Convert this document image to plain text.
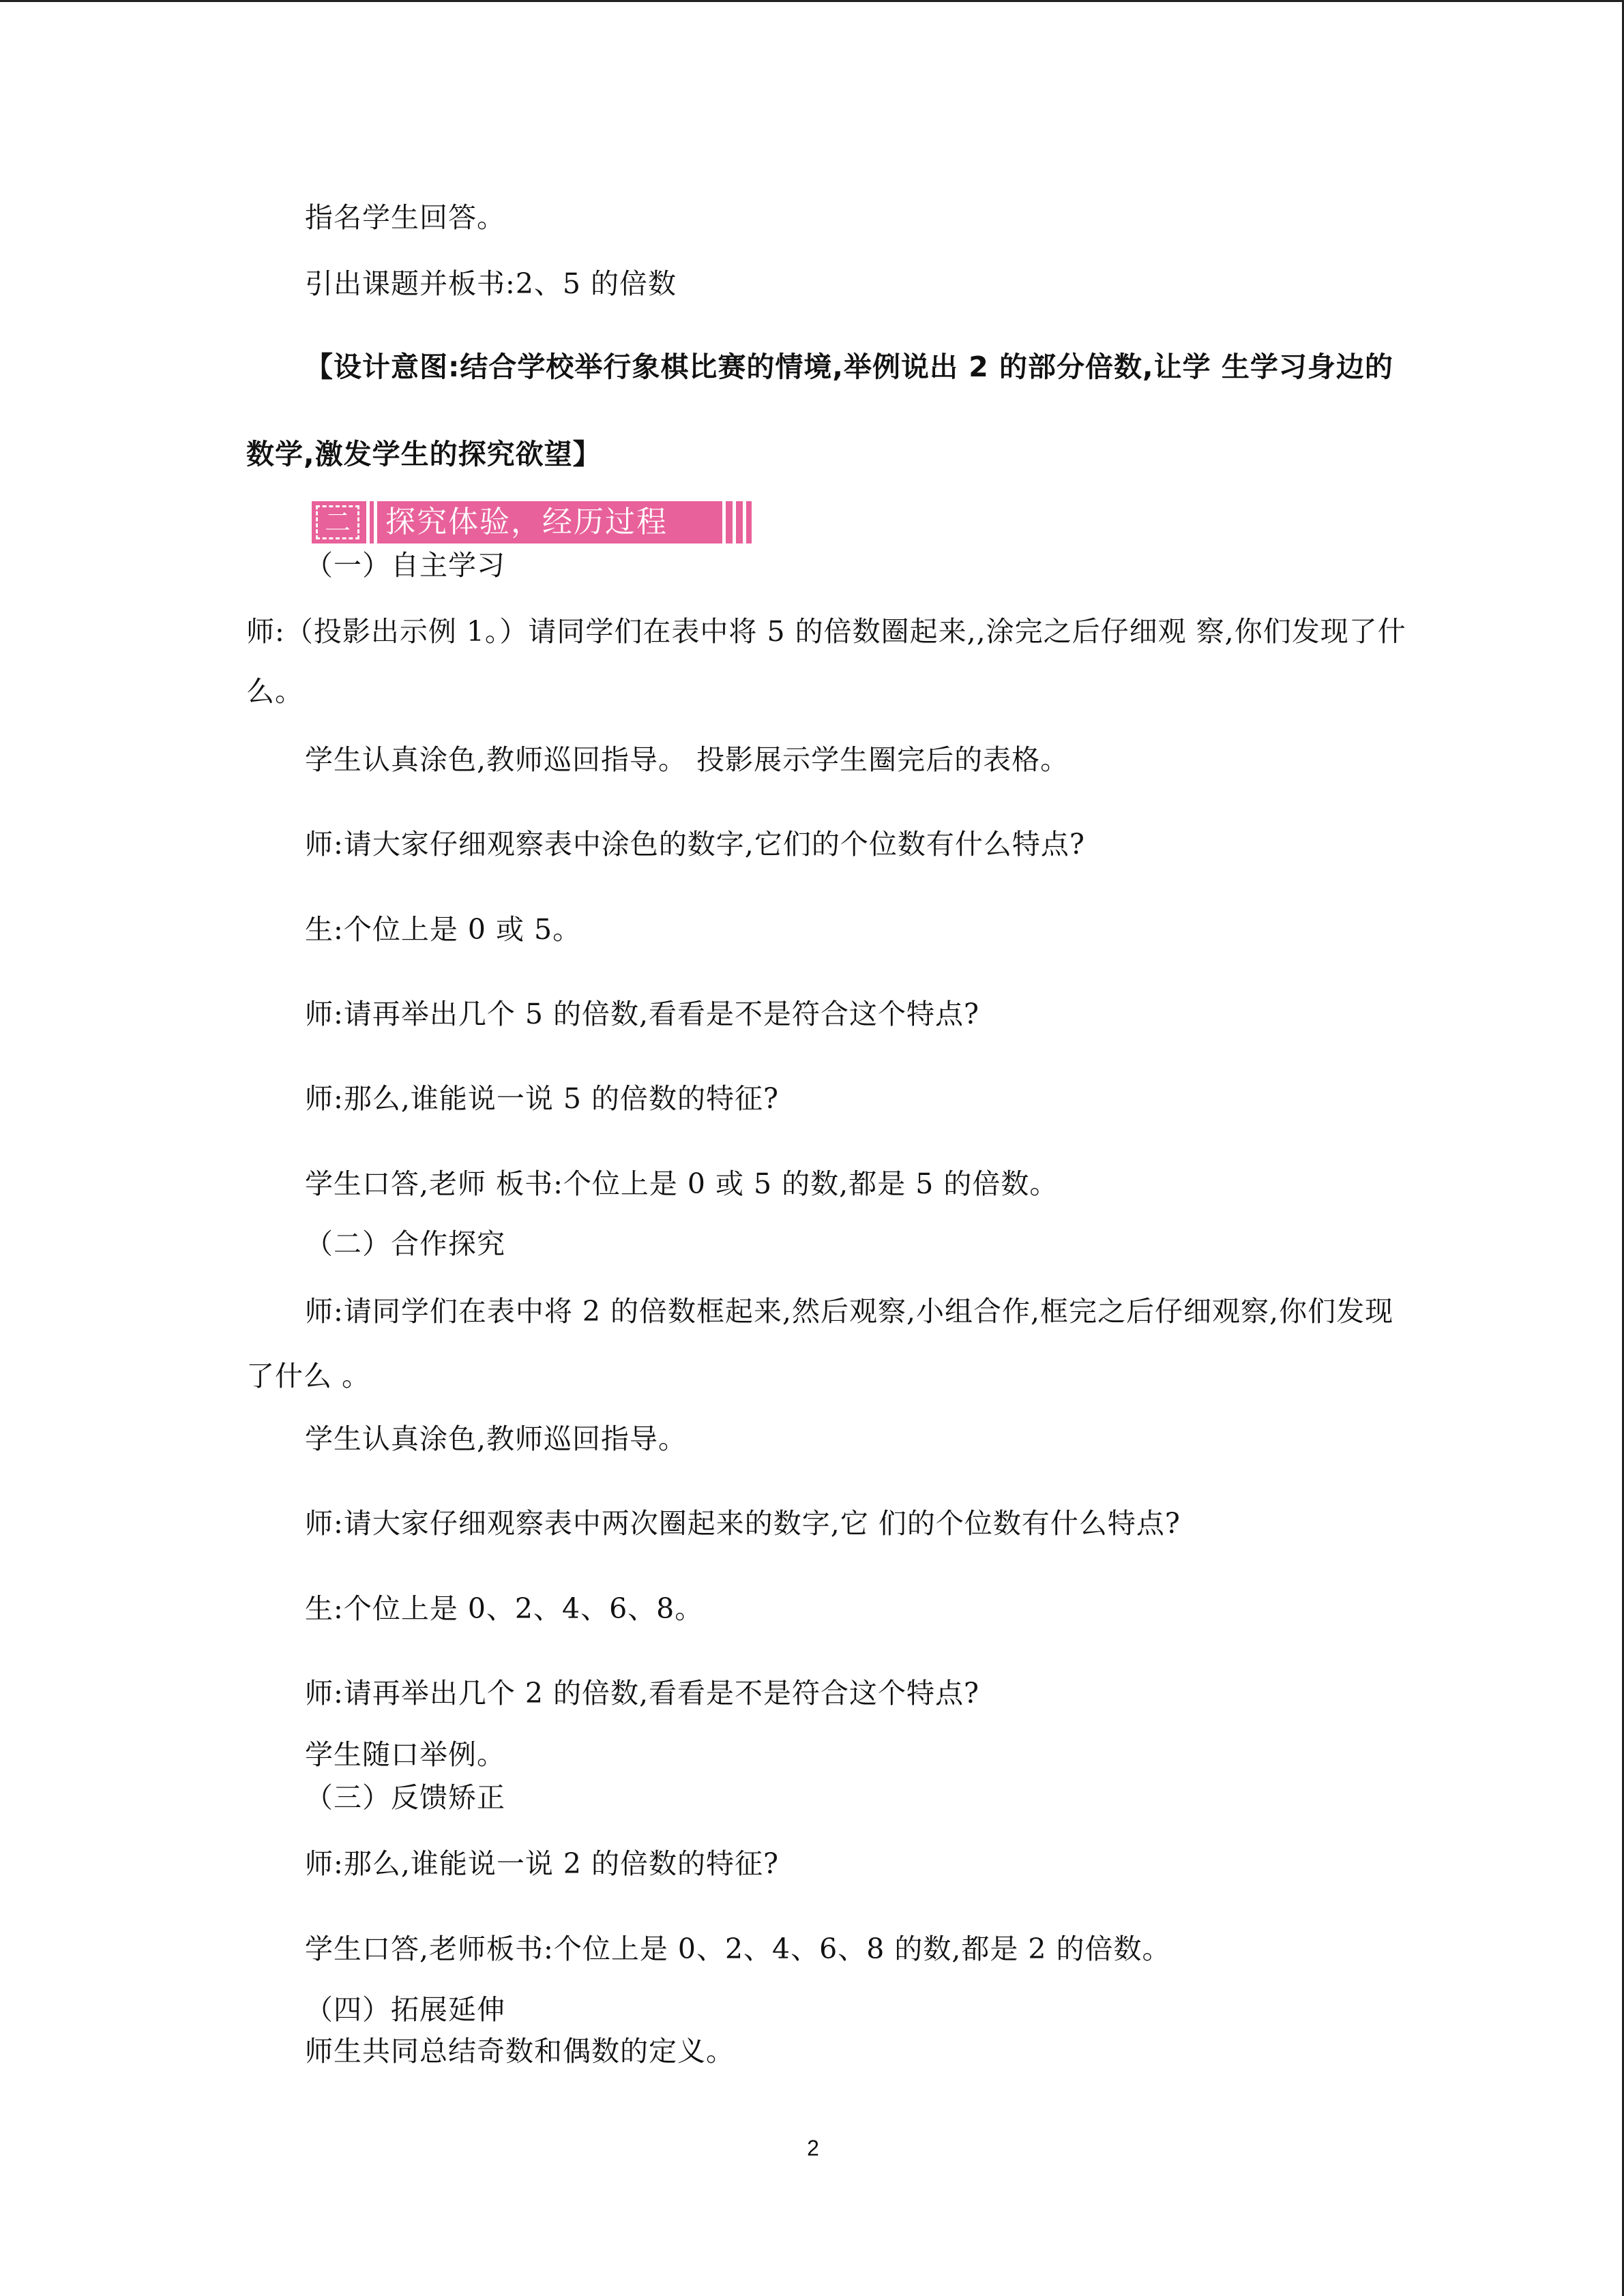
指名学生回答。
引出课题并板书:2、5 的倍数
【设计意图:结合学校举行象棋比赛的情境,举例说出 2 的部分倍数,让学 生学习身边的
数学,激发学生的探究欲望】
二 探究体验，经历过程
（一）自主学习
师:（投影出示例 1。）请同学们在表中将 5 的倍数圈起来,,涂完之后仔细观 察,你们发现了什
么。
学生认真涂色,教师巡回指导。 投影展示学生圈完后的表格。
师:请大家仔细观察表中涂色的数字,它们的个位数有什么特点?
生:个位上是 0 或 5。
师:请再举出几个 5 的倍数,看看是不是符合这个特点?
师:那么,谁能说一说 5 的倍数的特征?
学生口答,老师 板书:个位上是 0 或 5 的数,都是 5 的倍数。
（二）合作探究
师:请同学们在表中将 2 的倍数框起来,然后观察,小组合作,框完之后仔细观察,你们发现
了什么 。
学生认真涂色,教师巡回指导。
师:请大家仔细观察表中两次圈起来的数字,它 们的个位数有什么特点?
生:个位上是 0、2、4、6、8。
师:请再举出几个 2 的倍数,看看是不是符合这个特点?
学生随口举例。
（三）反馈矫正
师:那么,谁能说一说 2 的倍数的特征?
学生口答,老师板书:个位上是 0、2、4、6、8 的数,都是 2 的倍数。
（四）拓展延伸
师生共同总结奇数和偶数的定义。
2
